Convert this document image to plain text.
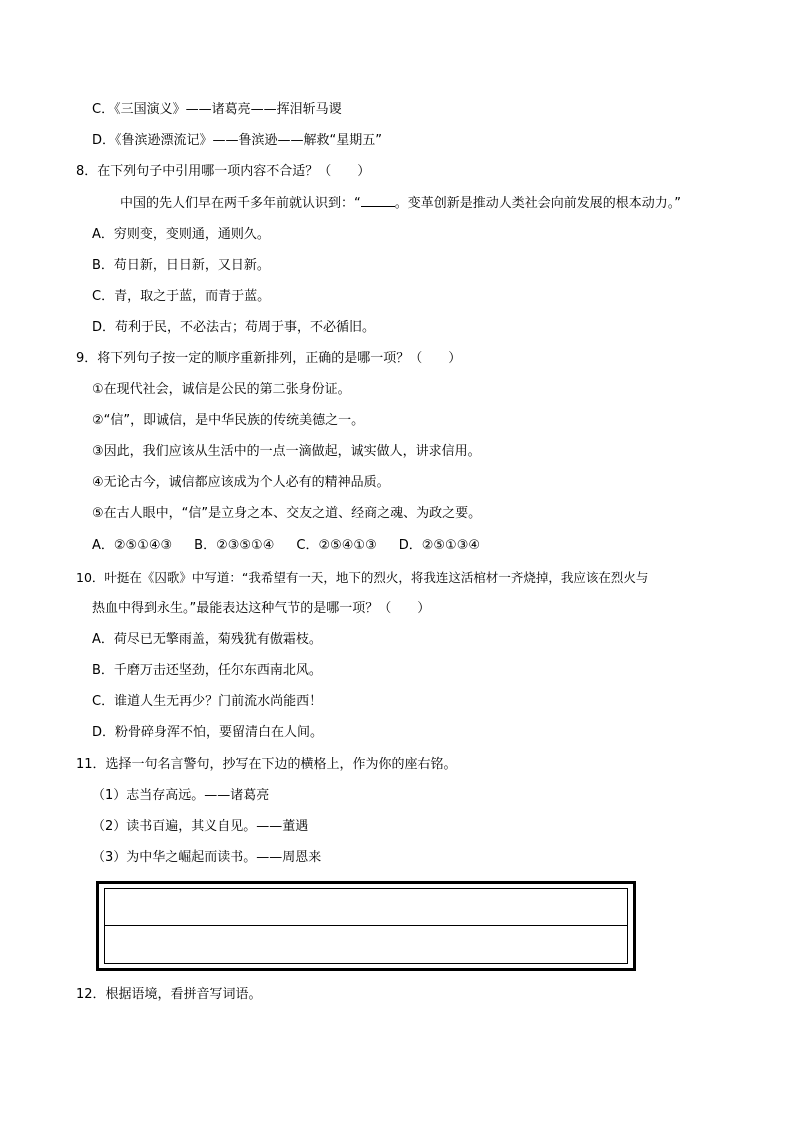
C．《三国演义》——诸葛亮——挥泪斩马谡
D．《鲁滨逊漂流记》——鲁滨逊——解救“星期五”
8．在下列句子中引用哪一项内容不合适？（　　）
中国的先人们早在两千多年前就认识到：“	。变革创新是推动人类社会向前发展的根本动力。”
A．穷则变，变则通，通则久。
B．苟日新，日日新，又日新。
C．青，取之于蓝，而青于蓝。
D．苟利于民，不必法古；苟周于事，不必循旧。
9．将下列句子按一定的顺序重新排列，正确的是哪一项？（　　）
①在现代社会，诚信是公民的第二张身份证。
②“信”，即诚信，是中华民族的传统美德之一。
③因此，我们应该从生活中的一点一滴做起，诚实做人，讲求信用。
④无论古今，诚信都应该成为个人必有的精神品质。
⑤在古人眼中，“信”是立身之本、交友之道、经商之魂、为政之要。
A．②⑤①④③ B．②③⑤①④ C．②⑤④①③ D．②⑤①③④
10．叶挺在《囚歌》中写道：“我希望有一天，地下的烈火，将我连这活棺材一齐烧掉，我应该在烈火与
热血中得到永生。”最能表达这种气节的是哪一项？（　　）
A．荷尽已无擎雨盖，菊残犹有傲霜枝。
B．千磨万击还坚劲，任尔东西南北风。
C．谁道人生无再少？门前流水尚能西！
D．粉骨碎身浑不怕，要留清白在人间。
11．选择一句名言警句，抄写在下边的横格上，作为你的座右铭。
（1）志当存高远。——诸葛亮
（2）读书百遍，其义自见。——董遇
（3）为中华之崛起而读书。——周恩来
12．根据语境，看拼音写词语。
